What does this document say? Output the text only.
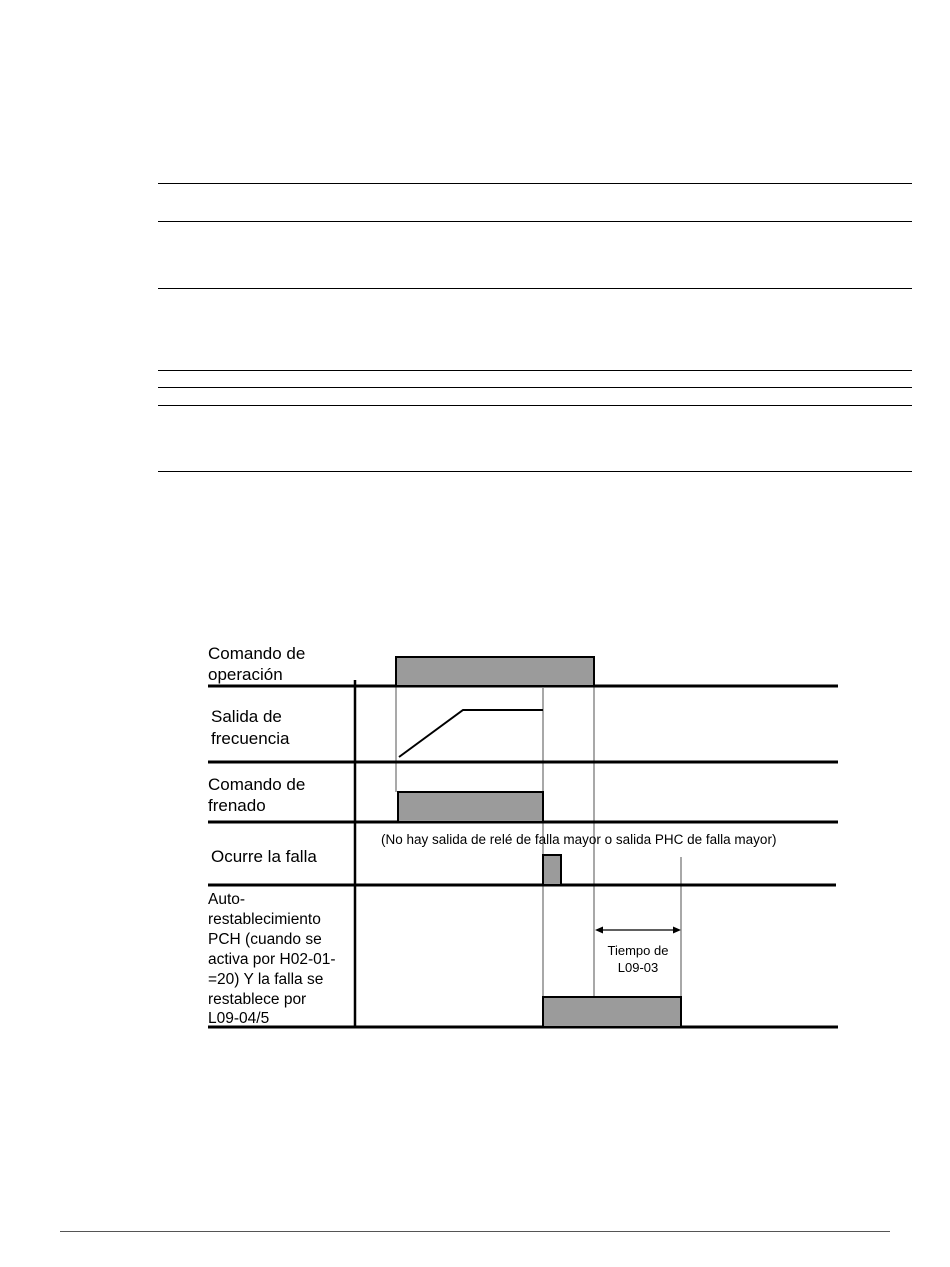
Comando de operación
Salida de frecuencia
Comando de frenado
Ocurre la falla
Auto- restablecimiento PCH (cuando se activa por H02-01- =20) Y la falla se restablece por L09-04/5
(No hay salida de relé de falla mayor o salida PHC de falla mayor)
Tiempo de
L09-03
